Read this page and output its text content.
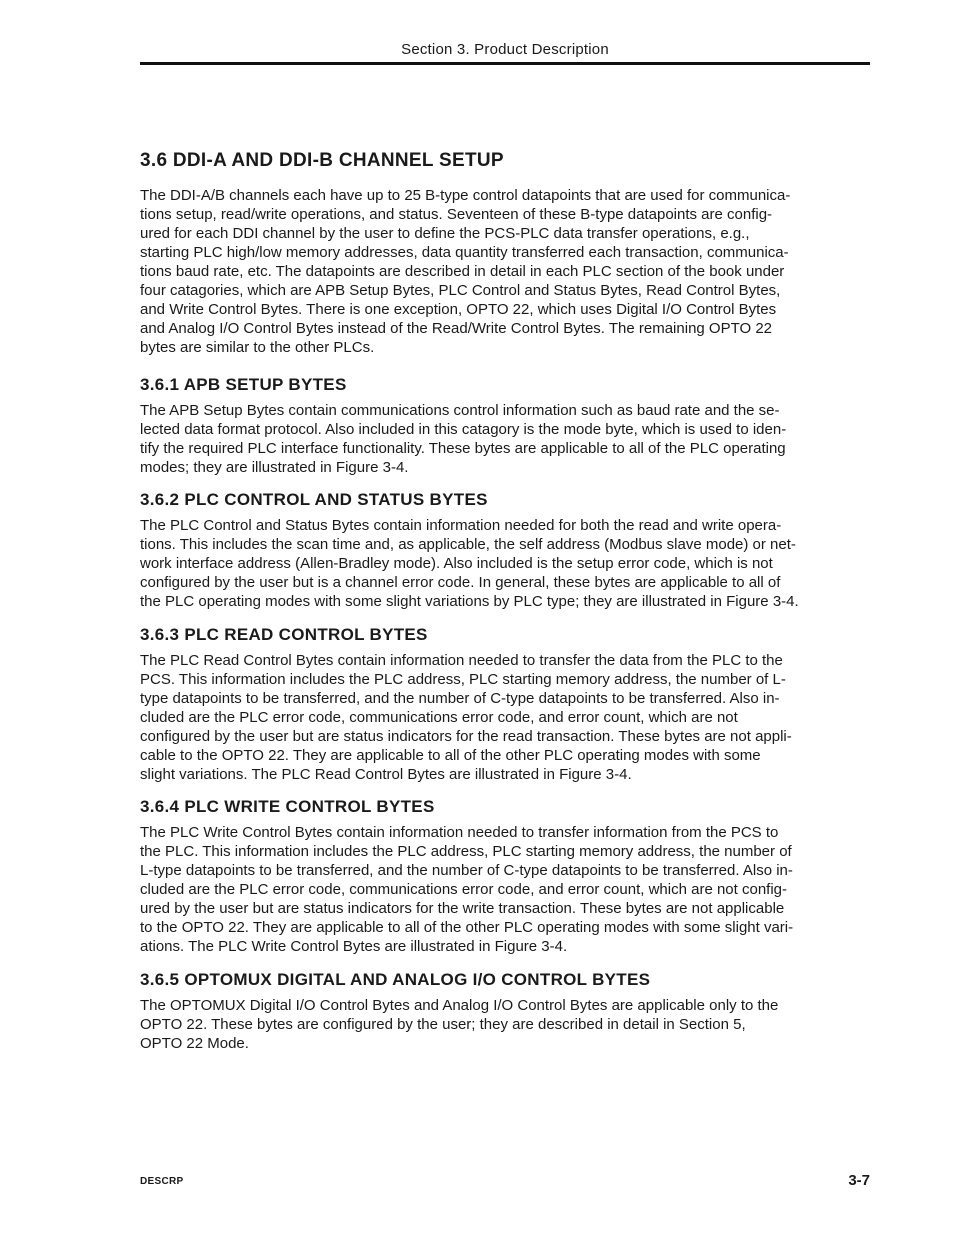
Section 3. Product Description
3.6 DDI-A AND DDI-B CHANNEL SETUP
The DDI-A/B channels each have up to 25 B-type control datapoints that are used for communica-
tions setup, read/write operations, and status. Seventeen of these B-type datapoints are config-
ured for each DDI channel by the user to define the PCS-PLC data transfer operations, e.g.,
starting PLC high/low memory addresses, data quantity transferred each transaction, communica-
tions baud rate, etc. The datapoints are described in detail in each PLC section of the book under
four catagories, which are APB Setup Bytes, PLC Control and Status Bytes, Read Control Bytes,
and Write Control Bytes. There is one exception, OPTO 22, which uses Digital I/O Control Bytes
and Analog I/O Control Bytes instead of the Read/Write Control Bytes. The remaining OPTO 22
bytes are similar to the other PLCs.
3.6.1 APB SETUP BYTES
The APB Setup Bytes contain communications control information such as baud rate and the se-
lected data format protocol. Also included in this catagory is the mode byte, which is used to iden-
tify the required PLC interface functionality. These bytes are applicable to all of the PLC operating
modes; they are illustrated in Figure 3-4.
3.6.2 PLC CONTROL AND STATUS BYTES
The PLC Control and Status Bytes contain information needed for both the read and write opera-
tions. This includes the scan time and, as applicable, the self address (Modbus slave mode) or net-
work interface address (Allen-Bradley mode). Also included is the setup error code, which is not
configured by the user but is a channel error code. In general, these bytes are applicable to all of
the PLC operating modes with some slight variations by PLC type; they are illustrated in Figure 3-4.
3.6.3 PLC READ CONTROL BYTES
The PLC Read Control Bytes contain information needed to transfer the data from the PLC to the
PCS. This information includes the PLC address, PLC starting memory address, the number of L-
type datapoints to be transferred, and the number of C-type datapoints to be transferred. Also in-
cluded are the PLC error code, communications error code, and error count, which are not
configured by the user but are status indicators for the read transaction. These bytes are not appli-
cable to the OPTO 22. They are applicable to all of the other PLC operating modes with some
slight variations. The PLC Read Control Bytes are illustrated in Figure 3-4.
3.6.4 PLC WRITE CONTROL BYTES
The PLC Write Control Bytes contain information needed to transfer information from the PCS to
the PLC. This information includes the PLC address, PLC starting memory address, the number of
L-type datapoints to be transferred, and the number of C-type datapoints to be transferred. Also in-
cluded are the PLC error code, communications error code, and error count, which are not config-
ured by the user but are status indicators for the write transaction. These bytes are not applicable
to the OPTO 22. They are applicable to all of the other PLC operating modes with some slight vari-
ations. The PLC Write Control Bytes are illustrated in Figure 3-4.
3.6.5 OPTOMUX DIGITAL AND ANALOG I/O CONTROL BYTES
The OPTOMUX Digital I/O Control Bytes and Analog I/O Control Bytes are applicable only to the
OPTO 22. These bytes are configured by the user; they are described in detail in Section 5,
OPTO 22 Mode.
DESCRP	3-7
